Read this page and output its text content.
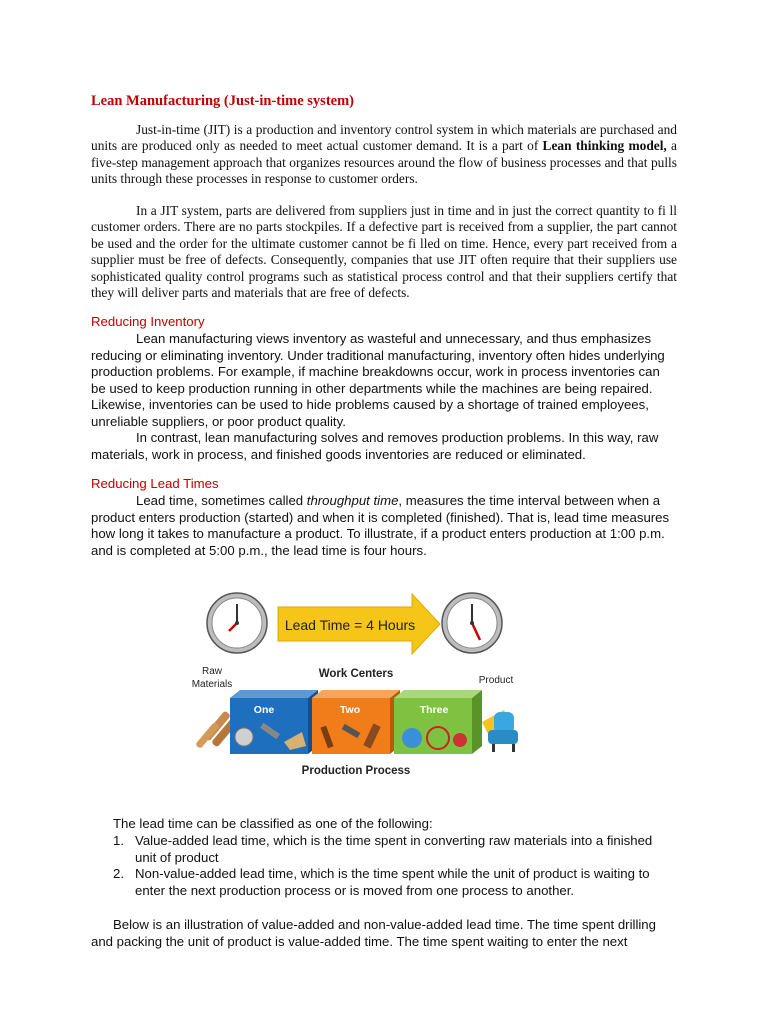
Lean Manufacturing (Just-in-time system)
Just-in-time (JIT) is a production and inventory control system in which materials are purchased and units are produced only as needed to meet actual customer demand. It is a part of Lean thinking model, a five-step management approach that organizes resources around the flow of business processes and that pulls units through these processes in response to customer orders.
In a JIT system, parts are delivered from suppliers just in time and in just the correct quantity to fi ll customer orders. There are no parts stockpiles. If a defective part is received from a supplier, the part cannot be used and the order for the ultimate customer cannot be fi lled on time. Hence, every part received from a supplier must be free of defects. Consequently, companies that use JIT often require that their suppliers use sophisticated quality control programs such as statistical process control and that their suppliers certify that they will deliver parts and materials that are free of defects.
Reducing Inventory
Lean manufacturing views inventory as wasteful and unnecessary, and thus emphasizes reducing or eliminating inventory. Under traditional manufacturing, inventory often hides underlying production problems. For example, if machine breakdowns occur, work in process inventories can be used to keep production running in other departments while the machines are being repaired. Likewise, inventories can be used to hide problems caused by a shortage of trained employees, unreliable suppliers, or poor product quality.
In contrast, lean manufacturing solves and removes production problems. In this way, raw materials, work in process, and finished goods inventories are reduced or eliminated.
Reducing Lead Times
Lead time, sometimes called throughput time, measures the time interval between when a product enters production (started) and when it is completed (finished). That is, lead time measures how long it takes to manufacture a product. To illustrate, if a product enters production at 1:00 p.m. and is completed at 5:00 p.m., the lead time is four hours.
Lead Time = 4 Hours
Raw
Materials
Work Centers
Product
One	Two	Three
Production Process
The lead time can be classified as one of the following:
1. Value-added lead time, which is the time spent in converting raw materials into a finished unit of product
2. Non-value-added lead time, which is the time spent while the unit of product is waiting to enter the next production process or is moved from one process to another.
Below is an illustration of value-added and non-value-added lead time. The time spent drilling and packing the unit of product is value-added time. The time spent waiting to enter the next
